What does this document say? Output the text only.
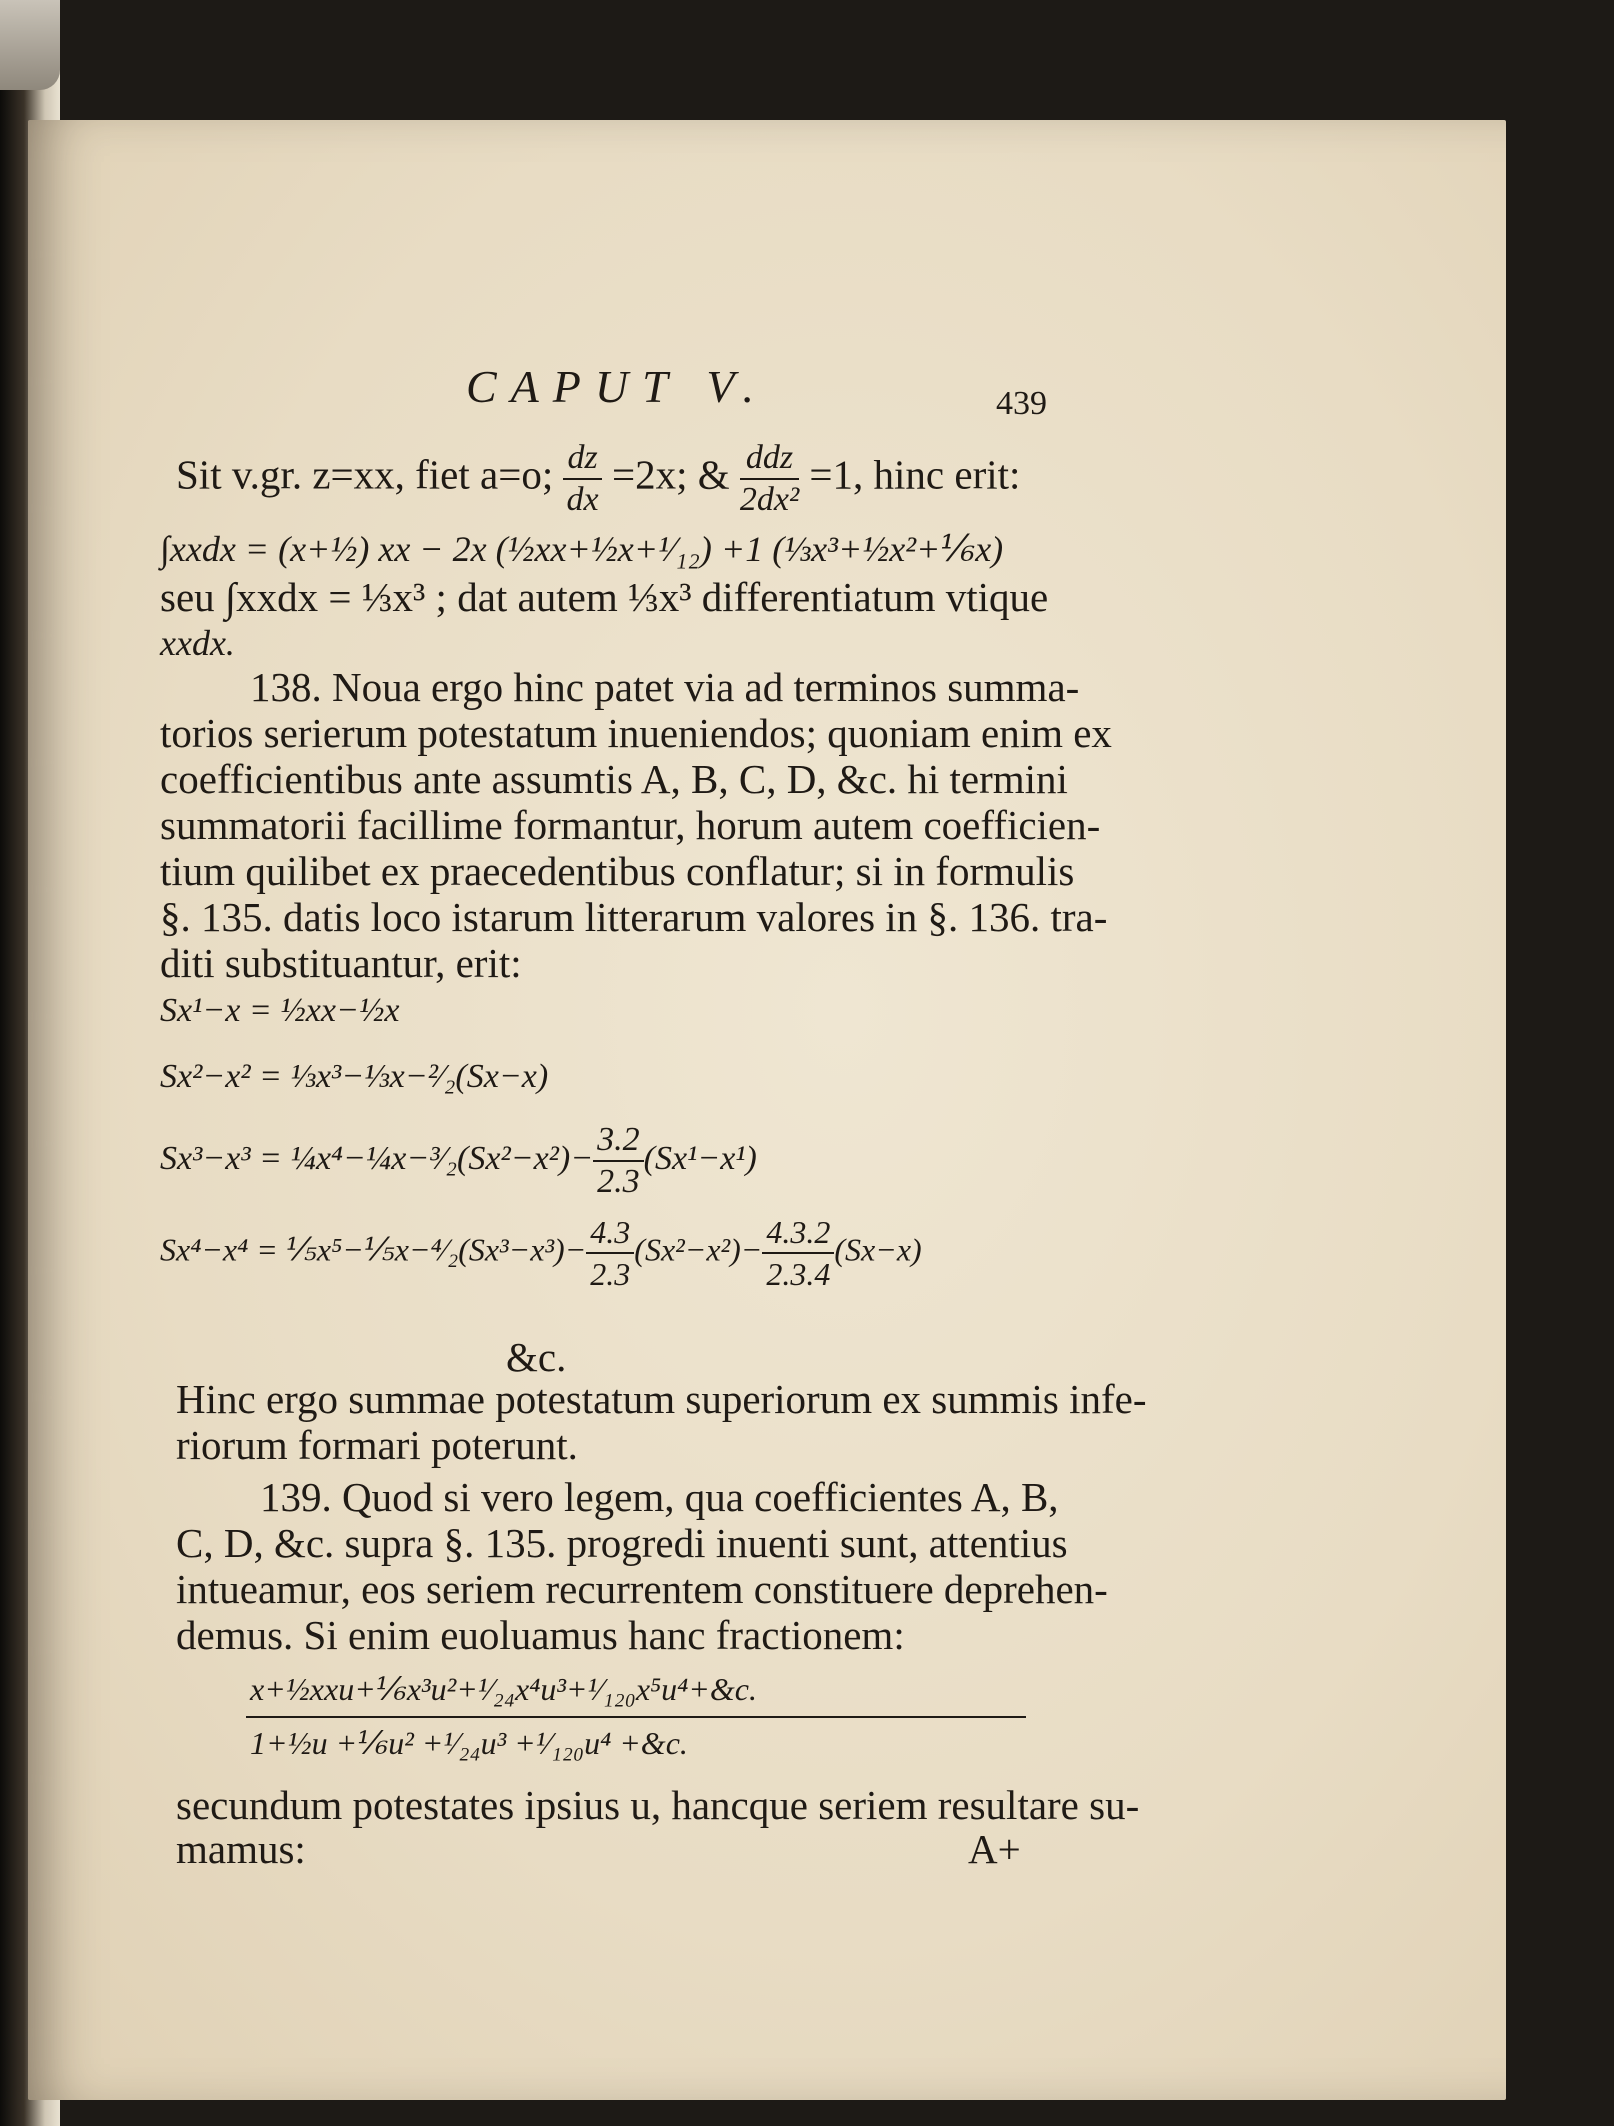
CAPUT V.	439
Sit v.gr. z=xx, fiet a=o; $\frac{dz}{dx} =2x$; & $\frac{\text{ddz}}{\text{2dx²}} =1$, hinc erit:
∫xxdx = (x+½) xx − 2x (½xx+½x+¹⁄₁₂) +1 (⅓x³+½x²+⅙x)
seu ∫xxdx = ⅓x³ ; dat autem ⅓x³ differentiatum vtique
xxdx.
138. Noua ergo hinc patet via ad terminos summa-
torios serierum potestatum inueniendos; quoniam enim ex
coefficientibus ante assumtis A, B, C, D, &c. hi termini
summatorii facillime formantur, horum autem coefficien-
tium quilibet ex praecedentibus conflatur; si in formulis
§. 135. datis loco istarum litterarum valores in §. 136. tra-
diti substituantur, erit:
Sx¹−x = ½xx−½x
Sx²−x² = ⅓x³−⅓x−²⁄₂(Sx−x)
Sx³−x³ = ¼x⁴−¼x−³⁄₂(Sx²−x²)− $\frac{3.2}{2.3} (Sx^1-x^1)$
Sx⁴−x⁴ = ⅕x⁵−⅕x−⁴⁄₂(Sx³−x³)− $\frac{4.3}{2.3} (Sx^2-x^2)- \frac{4.3.2}{2.3.4} (Sx-x)$
&c.
Hinc ergo summae potestatum superiorum ex summis infe-
riorum formari poterunt.
139. Quod si vero legem, qua coefficientes A, B,
C, D, &c. supra §. 135. progredi inuenti sunt, attentius
intueamur, eos seriem recurrentem constituere deprehen-
demus. Si enim euoluamus hanc fractionem:
x+½xxu+⅙x³u²+¹⁄₂₄x⁴u³+¹⁄₁₂₀x⁵u⁴+&c.
1+½u +⅙u² +¹⁄₂₄u³ +¹⁄₁₂₀u⁴ +&c.
secundum potestates ipsius u, hancque seriem resultare su-
mamus:	A+
